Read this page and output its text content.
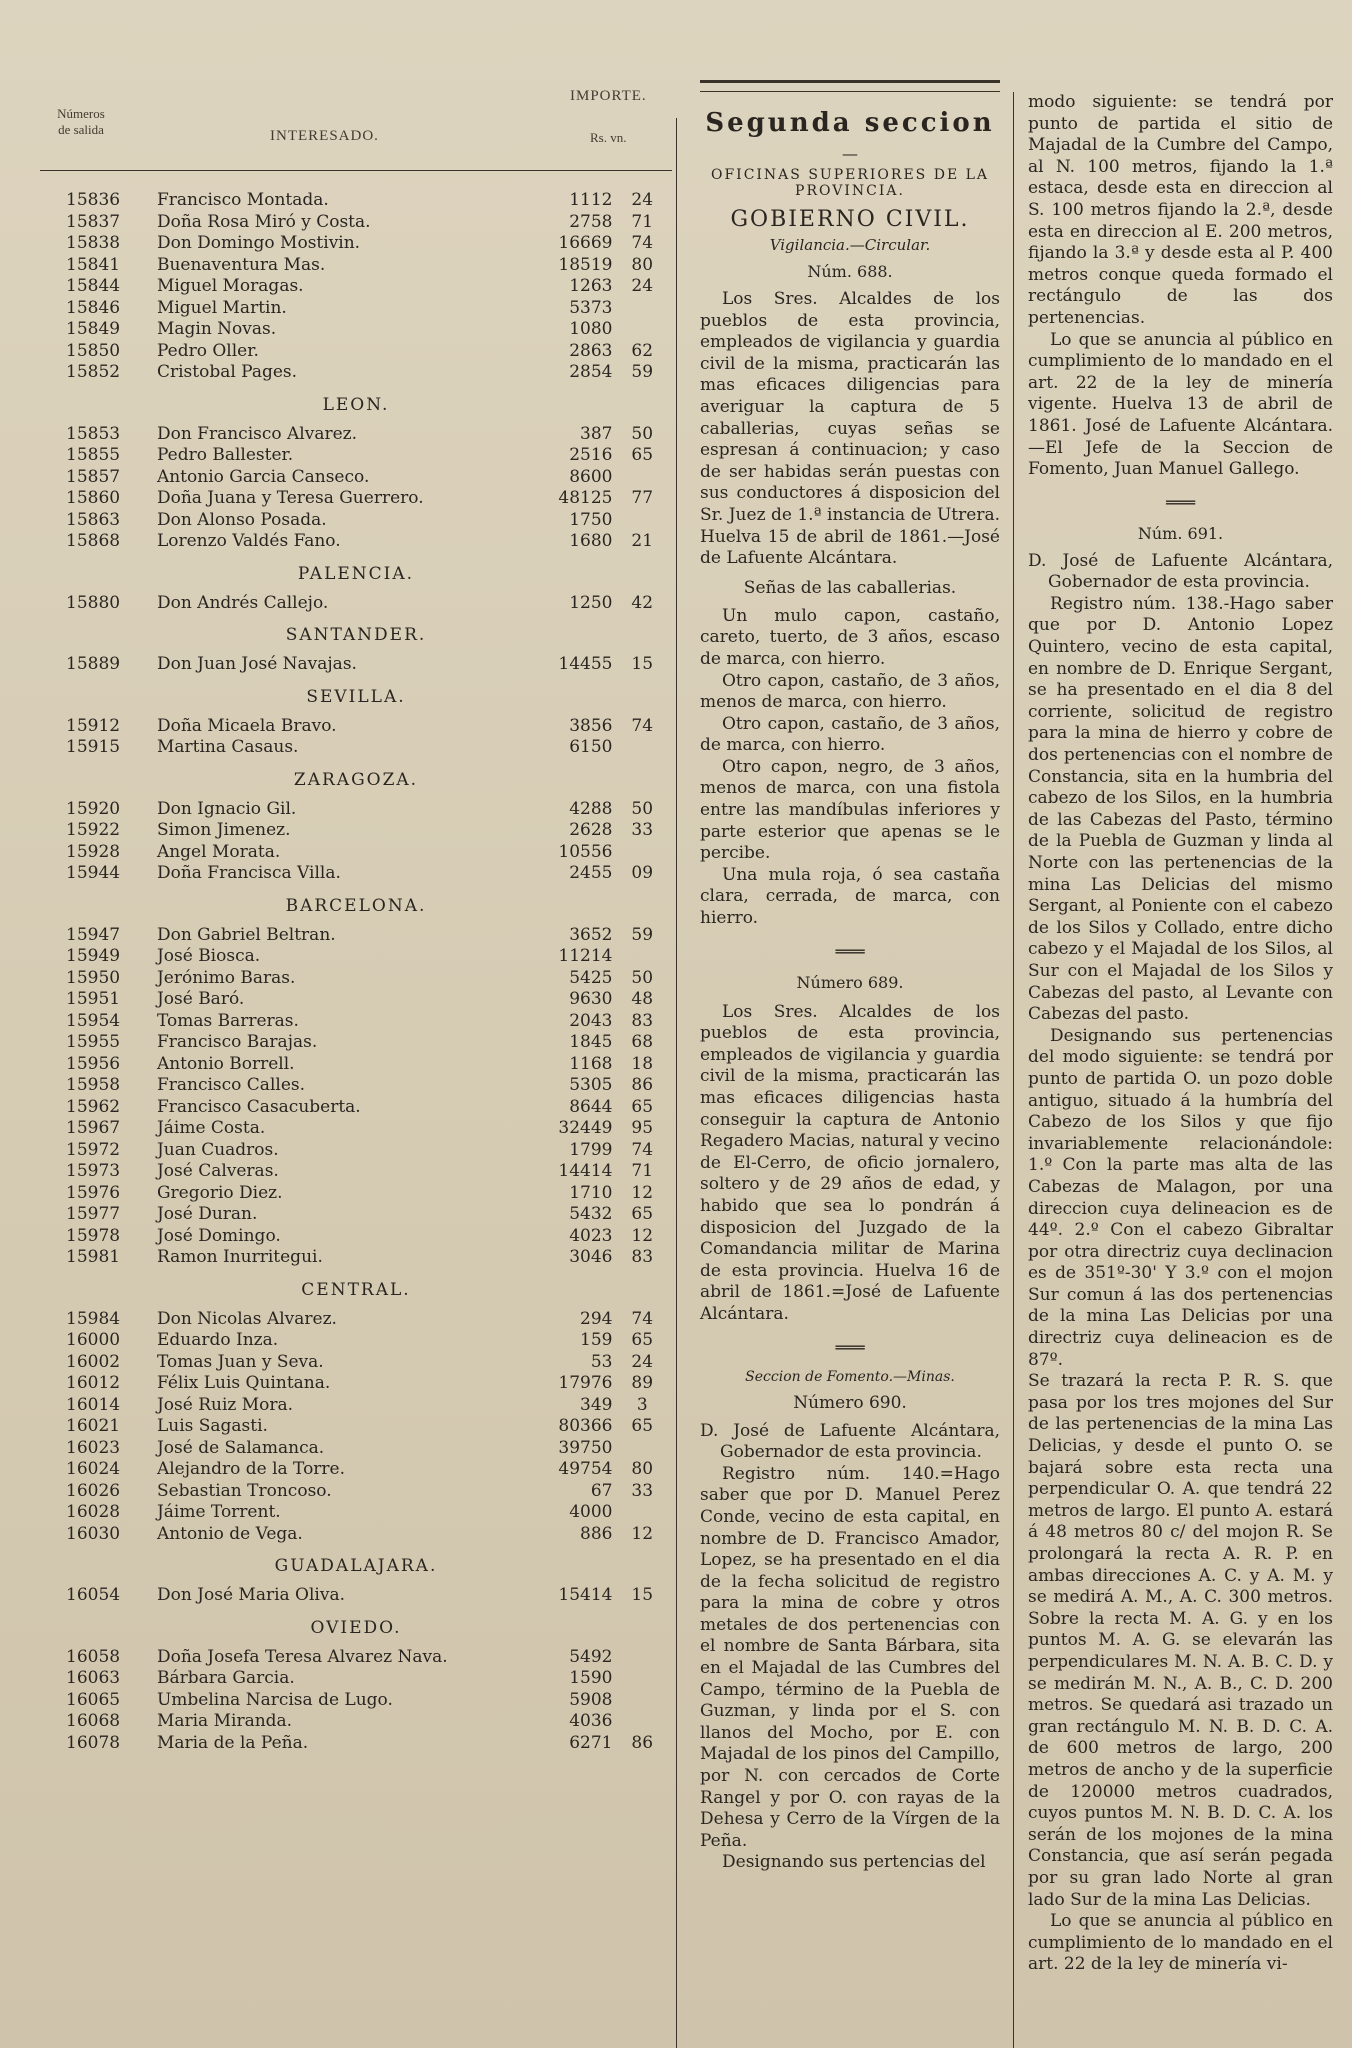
Números
de salida	INTERESADO.
IMPORTE.
Rs. vn.
15836	Francisco Montada.	1112	24
15837	Doña Rosa Miró y Costa.	2758	71
15838	Don Domingo Mostivin.	16669	74
15841	Buenaventura Mas.	18519	80
15844	Miguel Moragas.	1263	24
15846	Miguel Martin.	5373	
15849	Magin Novas.	1080	
15850	Pedro Oller.	2863	62
15852	Cristobal Pages.	2854	59
LEON.
15853	Don Francisco Alvarez.	387	50
15855	Pedro Ballester.	2516	65
15857	Antonio Garcia Canseco.	8600	
15860	Doña Juana y Teresa Guerrero.	48125	77
15863	Don Alonso Posada.	1750	
15868	Lorenzo Valdés Fano.	1680	21
PALENCIA.
15880	Don Andrés Callejo.	1250	42
SANTANDER.
15889	Don Juan José Navajas.	14455	15
SEVILLA.
15912	Doña Micaela Bravo.	3856	74
15915	Martina Casaus.	6150	
ZARAGOZA.
15920	Don Ignacio Gil.	4288	50
15922	Simon Jimenez.	2628	33
15928	Angel Morata.	10556	
15944	Doña Francisca Villa.	2455	09
BARCELONA.
15947	Don Gabriel Beltran.	3652	59
15949	José Biosca.	11214	
15950	Jerónimo Baras.	5425	50
15951	José Baró.	9630	48
15954	Tomas Barreras.	2043	83
15955	Francisco Barajas.	1845	68
15956	Antonio Borrell.	1168	18
15958	Francisco Calles.	5305	86
15962	Francisco Casacuberta.	8644	65
15967	Jáime Costa.	32449	95
15972	Juan Cuadros.	1799	74
15973	José Calveras.	14414	71
15976	Gregorio Diez.	1710	12
15977	José Duran.	5432	65
15978	José Domingo.	4023	12
15981	Ramon Inurritegui.	3046	83
CENTRAL.
15984	Don Nicolas Alvarez.	294	74
16000	Eduardo Inza.	159	65
16002	Tomas Juan y Seva.	53	24
16012	Félix Luis Quintana.	17976	89
16014	José Ruiz Mora.	349	3
16021	Luis Sagasti.	80366	65
16023	José de Salamanca.	39750	
16024	Alejandro de la Torre.	49754	80
16026	Sebastian Troncoso.	67	33
16028	Jáime Torrent.	4000	
16030	Antonio de Vega.	886	12
GUADALAJARA.
16054	Don José Maria Oliva.	15414	15
OVIEDO.
16058	Doña Josefa Teresa Alvarez Nava.	5492	
16063	Bárbara Garcia.	1590	
16065	Umbelina Narcisa de Lugo.	5908	
16068	Maria Miranda.	4036	
16078	Maria de la Peña.	6271	86
Segunda seccion
—
OFICINAS SUPERIORES DE LA PROVINCIA.
GOBIERNO CIVIL.
Vigilancia.—Circular.
Núm. 688.

Los Sres. Alcaldes de los pueblos de esta provincia, empleados de vigilancia y guardia civil de la misma, practicarán las mas eficaces diligencias para averiguar la captura de 5 caballerias, cuyas señas se espresan á continuacion; y caso de ser habidas serán puestas con sus conductores á disposicion del Sr. Juez de 1.ª instancia de Utrera. Huelva 15 de abril de 1861.—José de Lafuente Alcántara.

Señas de las caballerias.

Un mulo capon, castaño, careto, tuerto, de 3 años, escaso de marca, con hierro.

Otro capon, castaño, de 3 años, menos de marca, con hierro.

Otro capon, castaño, de 3 años, de marca, con hierro.

Otro capon, negro, de 3 años, menos de marca, con una fistola entre las mandíbulas inferiores y parte esterior que apenas se le percibe.

Una mula roja, ó sea castaña clara, cerrada, de marca, con hierro.

═══
Número 689.

Los Sres. Alcaldes de los pueblos de esta provincia, empleados de vigilancia y guardia civil de la misma, practicarán las mas eficaces diligencias hasta conseguir la captura de Antonio Regadero Macias, natural y vecino de El-Cerro, de oficio jornalero, soltero y de 29 años de edad, y habido que sea lo pondrán á disposicion del Juzgado de la Comandancia militar de Marina de esta provincia. Huelva 16 de abril de 1861.=José de Lafuente Alcántara.

═══
Seccion de Fomento.—Minas.
Número 690.

D. José de Lafuente Alcántara, Gobernador de esta provincia.

Registro núm. 140.=Hago saber que por D. Manuel Perez Conde, vecino de esta capital, en nombre de D. Francisco Amador, Lopez, se ha presentado en el dia de la fecha solicitud de registro para la mina de cobre y otros metales de dos pertenencias con el nombre de Santa Bárbara, sita en el Majadal de las Cumbres del Campo, término de la Puebla de Guzman, y linda por el S. con llanos del Mocho, por E. con Majadal de los pinos del Campillo, por N. con cercados de Corte Rangel y por O. con rayas de la Dehesa y Cerro de la Vírgen de la Peña.

Designando sus pertencias del

modo siguiente: se tendrá por punto de partida el sitio de Majadal de la Cumbre del Campo, al N. 100 metros, fijando la 1.ª estaca, desde esta en direccion al S. 100 metros fijando la 2.ª, desde esta en direccion al E. 200 metros, fijando la 3.ª y desde esta al P. 400 metros conque queda formado el rectángulo de las dos pertenencias.

Lo que se anuncia al público en cumplimiento de lo mandado en el art. 22 de la ley de minería vigente. Huelva 13 de abril de 1861. José de Lafuente Alcántara.—El Jefe de la Seccion de Fomento, Juan Manuel Gallego.

═══
Núm. 691.

D. José de Lafuente Alcántara, Gobernador de esta provincia.

Registro núm. 138.-Hago saber que por D. Antonio Lopez Quintero, vecino de esta capital, en nombre de D. Enrique Sergant, se ha presentado en el dia 8 del corriente, solicitud de registro para la mina de hierro y cobre de dos pertenencias con el nombre de Constancia, sita en la humbria del cabezo de los Silos, en la humbria de las Cabezas del Pasto, término de la Puebla de Guzman y linda al Norte con las pertenencias de la mina Las Delicias del mismo Sergant, al Poniente con el cabezo de los Silos y Collado, entre dicho cabezo y el Majadal de los Silos, al Sur con el Majadal de los Silos y Cabezas del pasto, al Levante con Cabezas del pasto.

Designando sus pertenencias del modo siguiente: se tendrá por punto de partida O. un pozo doble antiguo, situado á la humbría del Cabezo de los Silos y que fijo invariablemente relacionándole: 1.º Con la parte mas alta de las Cabezas de Malagon, por una direccion cuya delineacion es de 44º. 2.º Con el cabezo Gibraltar por otra directriz cuya declinacion es de 351º-30' Y 3.º con el mojon Sur comun á las dos pertenencias de la mina Las Delicias por una directriz cuya delineacion es de 87º.

Se trazará la recta P. R. S. que pasa por los tres mojones del Sur de las pertenencias de la mina Las Delicias, y desde el punto O. se bajará sobre esta recta una perpendicular O. A. que tendrá 22 metros de largo. El punto A. estará á 48 metros 80 c/ del mojon R. Se prolongará la recta A. R. P. en ambas direcciones A. C. y A. M. y se medirá A. M., A. C. 300 metros. Sobre la recta M. A. G. y en los puntos M. A. G. se elevarán las perpendiculares M. N. A. B. C. D. y se medirán M. N., A. B., C. D. 200 metros. Se quedará asi trazado un gran rectángulo M. N. B. D. C. A. de 600 metros de largo, 200 metros de ancho y de la superficie de 120000 metros cuadrados, cuyos puntos M. N. B. D. C. A. los serán de los mojones de la mina Constancia, que así serán pegada por su gran lado Norte al gran lado Sur de la mina Las Delicias.

Lo que se anuncia al público en cumplimiento de lo mandado en el art. 22 de la ley de minería vi-
